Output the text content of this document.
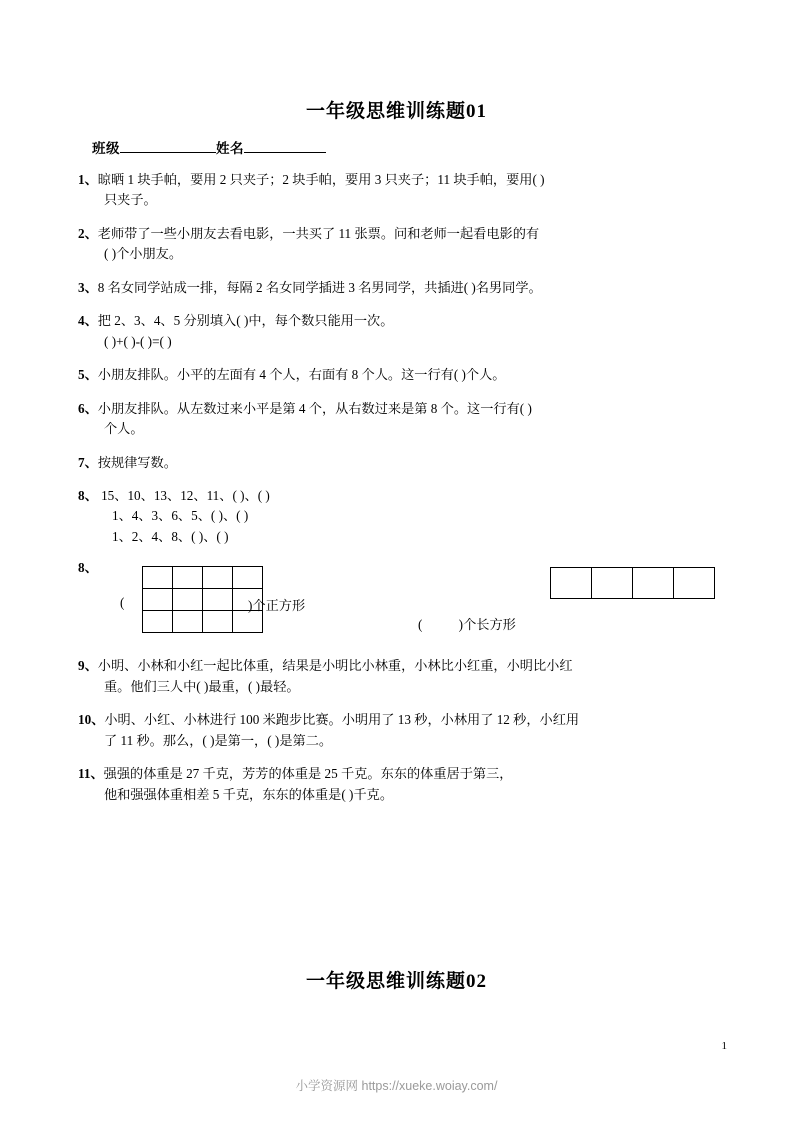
一年级思维训练题01
班级	姓名
1、晾晒 1 块手帕，要用 2 只夹子；2 块手帕，要用 3 只夹子；11 块手帕，要用( )
只夹子。
2、老师带了一些小朋友去看电影，一共买了 11 张票。问和老师一起看电影的有
( )个小朋友。
3、8 名女同学站成一排，每隔 2 名女同学插进 3 名男同学，共插进( )名男同学。
4、把 2、3、4、5 分别填入( )中，每个数只能用一次。
( )+( )-( )=( )
5、小朋友排队。小平的左面有 4 个人，右面有 8 个人。这一行有( )个人。
6、小朋友排队。从左数过来小平是第 4 个，从右数过来是第 8 个。这一行有( )
个人。
7、按规律写数。
8、 15、10、13、12、11、( )、( )
1、4、3、6、5、( )、( )
1、2、4、8、( )、( )
8、
(

				)个正方形
(	)个长方形

9、小明、小林和小红一起比体重，结果是小明比小林重，小林比小红重，小明比小红
重。他们三人中( )最重，( )最轻。
10、小明、小红、小林进行 100 米跑步比赛。小明用了 13 秒，小林用了 12 秒，小红用
了 11 秒。那么，( )是第一，( )是第二。
11、强强的体重是 27 千克，芳芳的体重是 25 千克。东东的体重居于第三，
他和强强体重相差 5 千克，东东的体重是( )千克。
一年级思维训练题02
1
小学资源网 https://xueke.woiay.com/
